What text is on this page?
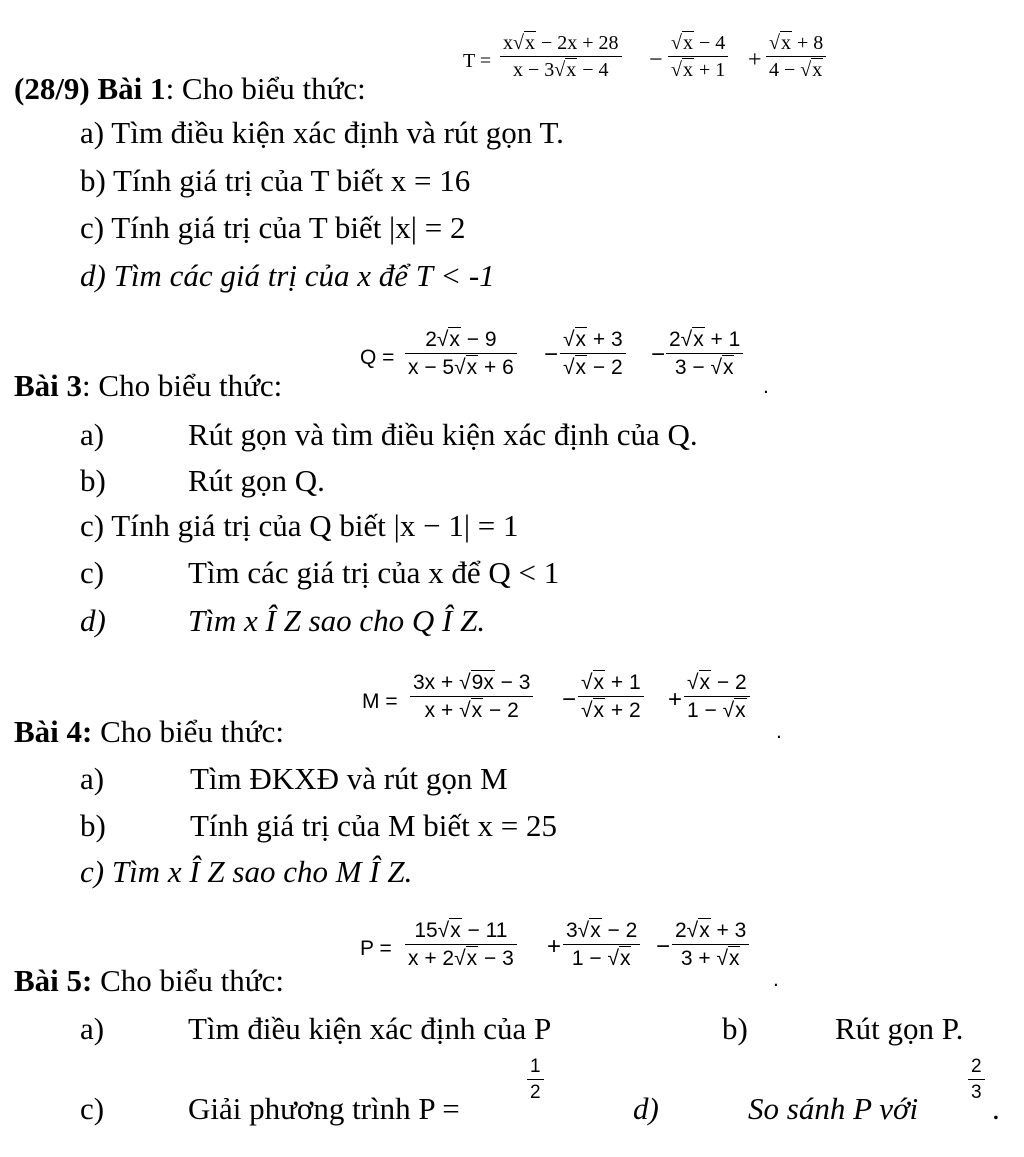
(28/9) Bài 1: Cho biểu thức:
T =
x√x − 2x + 28
x − 3√x − 4 −
√x − 4
√x + 1 +
√x + 8
4 − √x
a) Tìm điều kiện xác định và rút gọn T.
b) Tính giá trị của T biết x = 16
c) Tính giá trị của T biết |x| = 2
d) Tìm các giá trị của x để T < -1
Bài 3: Cho biểu thức:
Q =
2√x − 9
x − 5√x + 6 −
√x + 3
√x − 2 −
2√x + 1
3 − √x
.
a)	Rút gọn và tìm điều kiện xác định của Q.
b)	Rút gọn Q.
c) Tính giá trị của Q biết |x − 1| = 1
c)	Tìm các giá trị của x để Q < 1
d)	Tìm x Î Z sao cho Q Î Z.
Bài 4: Cho biểu thức:
M =
3x + √9x − 3
x + √x − 2 −
√x + 1
√x + 2 +
√x − 2
1 − √x
.
a)	Tìm ĐKXĐ và rút gọn M
b)	Tính giá trị của M biết x = 25
c) Tìm x Î Z sao cho M Î Z.
Bài 5: Cho biểu thức:
P =
15√x − 11
x + 2√x − 3 +
3√x − 2
1 − √x −
2√x + 3
3 + √x
.
a)	Tìm điều kiện xác định của P	b)	Rút gọn P.
c)	Giải phương trình P =
1
2	d)	So sánh P với
2
3 .
